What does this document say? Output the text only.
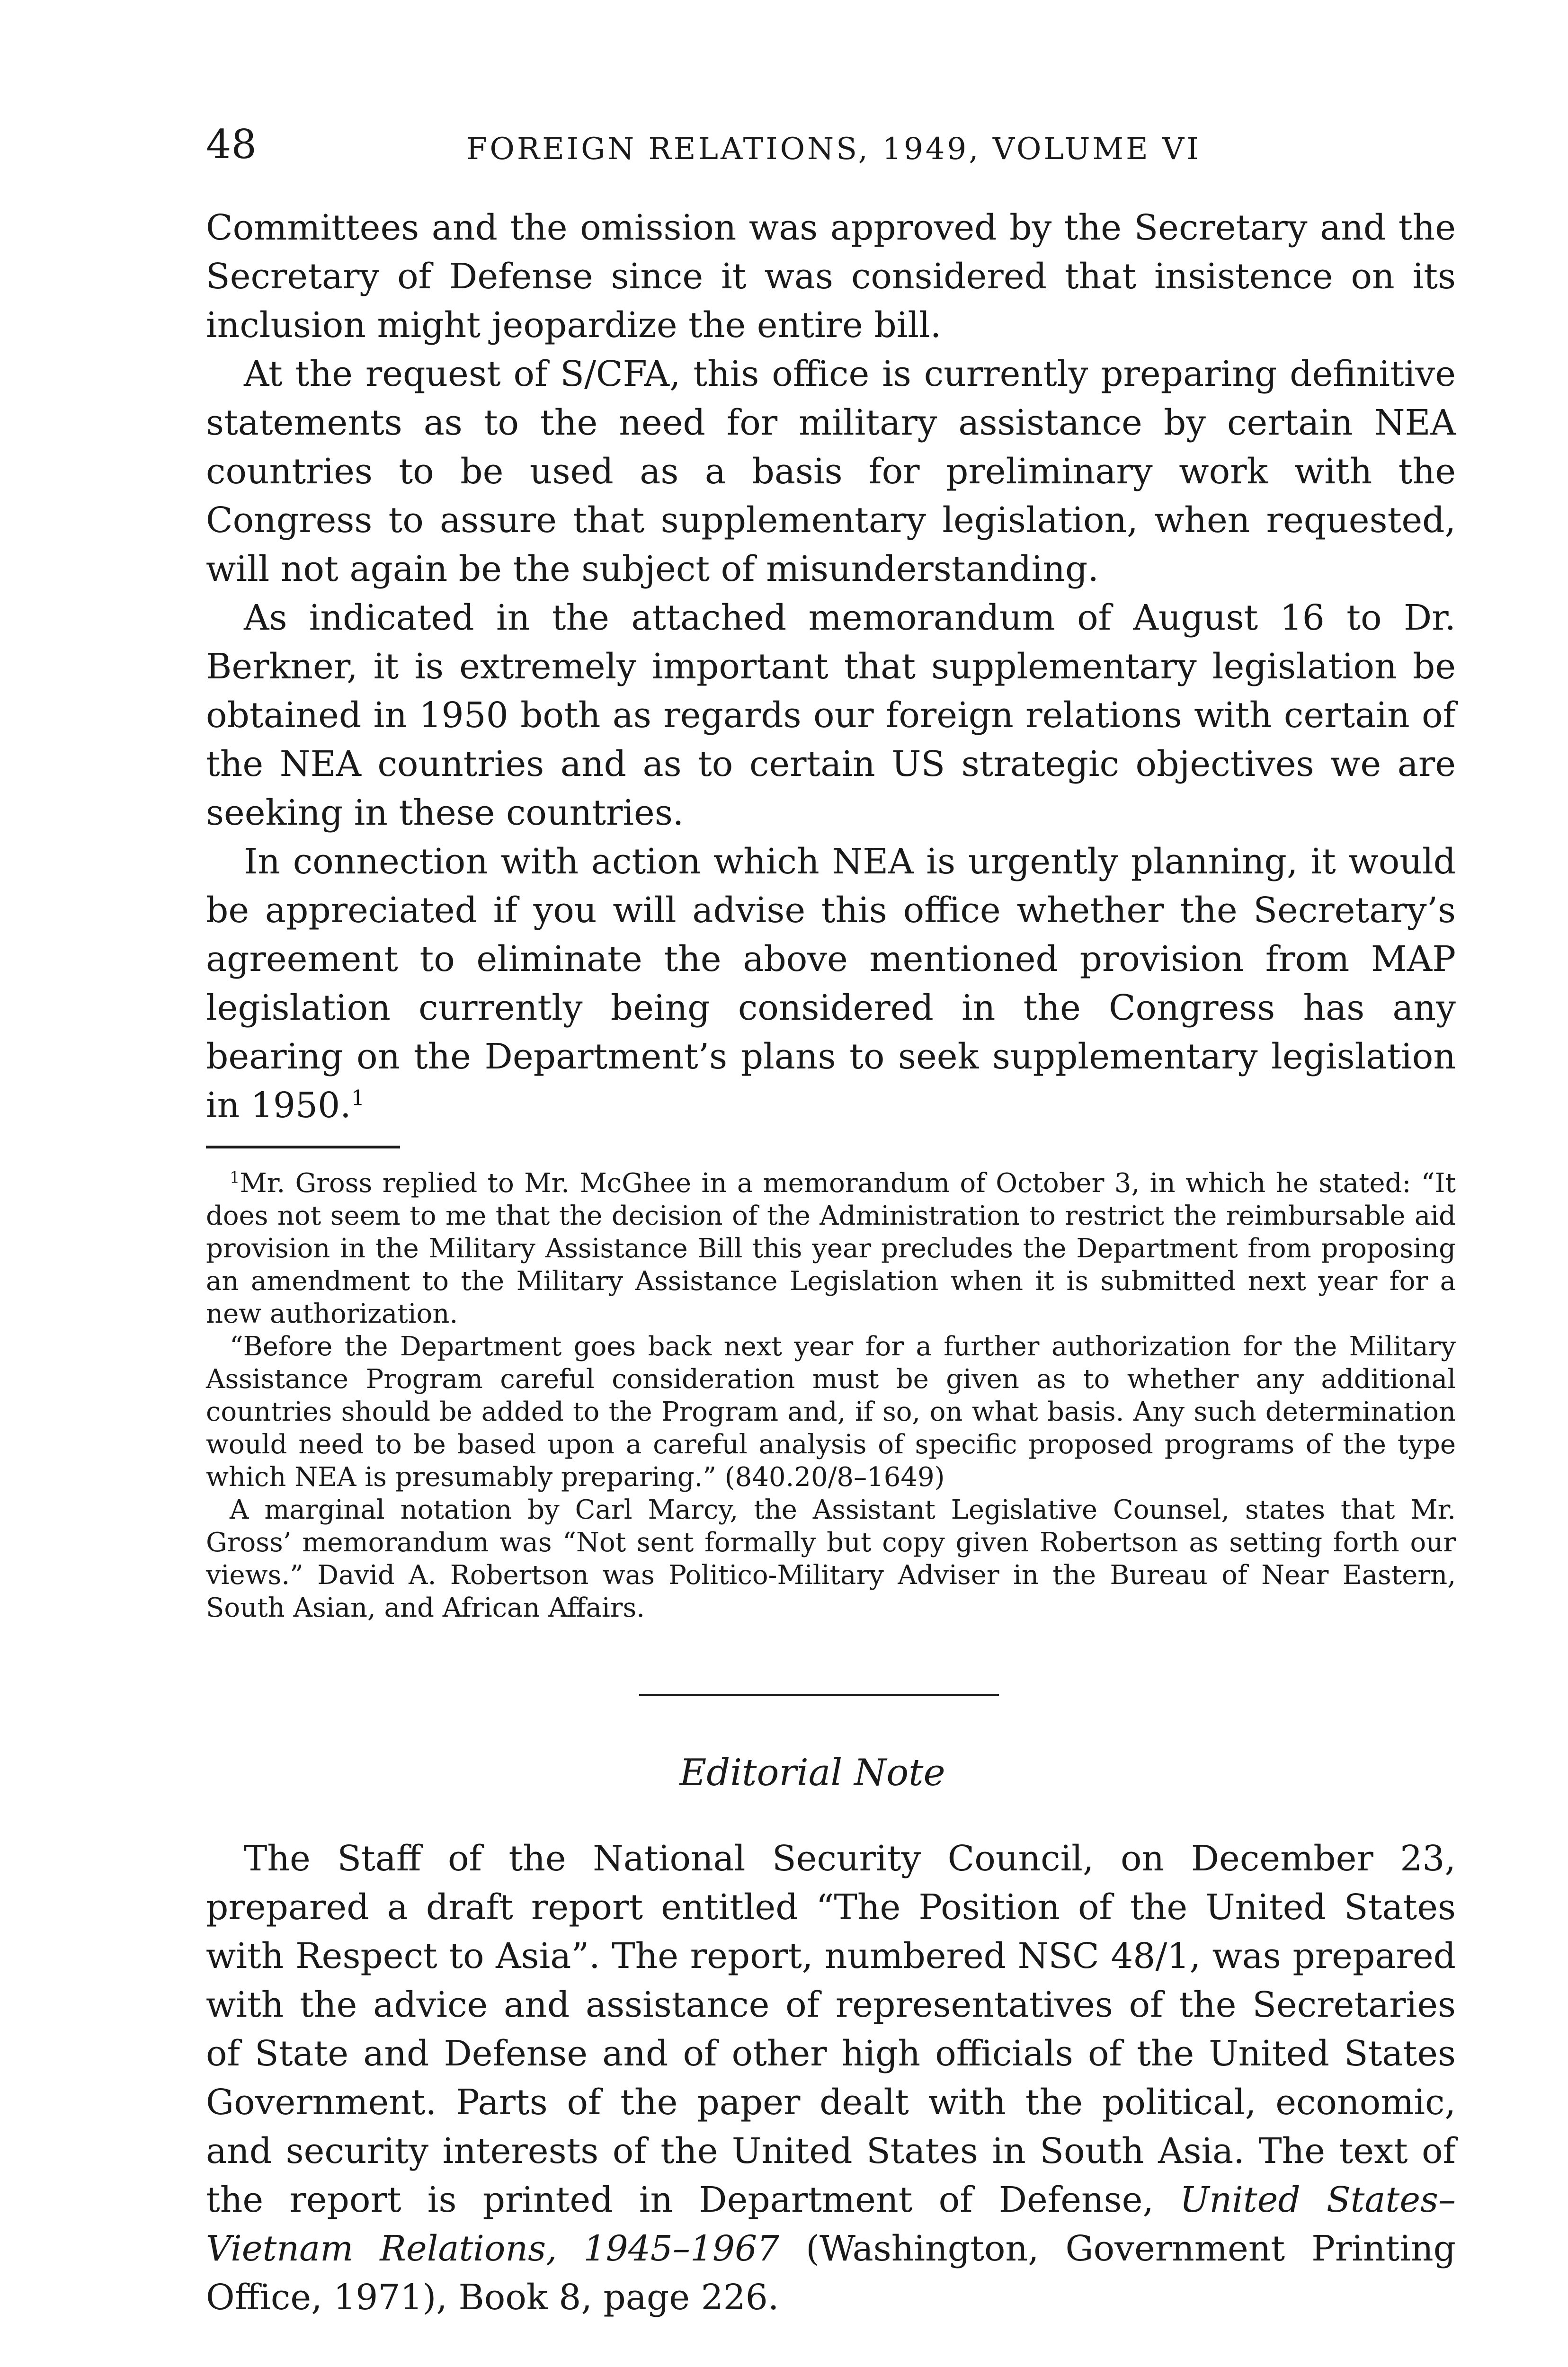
48	FOREIGN RELATIONS, 1949, VOLUME VI

Committees and the omission was approved by the Secretary and the Secretary of Defense since it was considered that insistence on its inclusion might jeopardize the entire bill.

At the request of S/CFA, this office is currently preparing definitive statements as to the need for military assistance by certain NEA countries to be used as a basis for preliminary work with the Congress to assure that supplementary legislation, when requested, will not again be the subject of misunderstanding.

As indicated in the attached memorandum of August 16 to Dr. Berkner, it is extremely important that supplementary legislation be obtained in 1950 both as regards our foreign relations with certain of the NEA countries and as to certain US strategic objectives we are seeking in these countries.

In connection with action which NEA is urgently planning, it would be appreciated if you will advise this office whether the Secretary’s agreement to eliminate the above mentioned provision from MAP legislation currently being considered in the Congress has any bearing on the Department’s plans to seek supplementary legislation in 1950.$^1$

$^1$Mr. Gross replied to Mr. McGhee in a memorandum of October 3, in which he stated: “It does not seem to me that the decision of the Administration to restrict the reimbursable aid provision in the Military Assistance Bill this year precludes the Department from proposing an amendment to the Military Assistance Legislation when it is submitted next year for a new authorization.

“Before the Department goes back next year for a further authorization for the Military Assistance Program careful consideration must be given as to whether any additional countries should be added to the Program and, if so, on what basis. Any such determination would need to be based upon a careful analysis of specific proposed programs of the type which NEA is presumably preparing.” (840.20/8–1649)

A marginal notation by Carl Marcy, the Assistant Legislative Counsel, states that Mr. Gross’ memorandum was “Not sent formally but copy given Robertson as setting forth our views.” David A. Robertson was Politico-Military Adviser in the Bureau of Near Eastern, South Asian, and African Affairs.

Editorial Note

The Staff of the National Security Council, on December 23, prepared a draft report entitled “The Position of the United States with Respect to Asia”. The report, numbered NSC 48/1, was prepared with the advice and assistance of representatives of the Secretaries of State and Defense and of other high officials of the United States Government. Parts of the paper dealt with the political, economic, and security interests of the United States in South Asia. The text of the report is printed in Department of Defense, United States–Vietnam Relations, 1945–1967 (Washington, Government Printing Office, 1971), Book 8, page 226.
